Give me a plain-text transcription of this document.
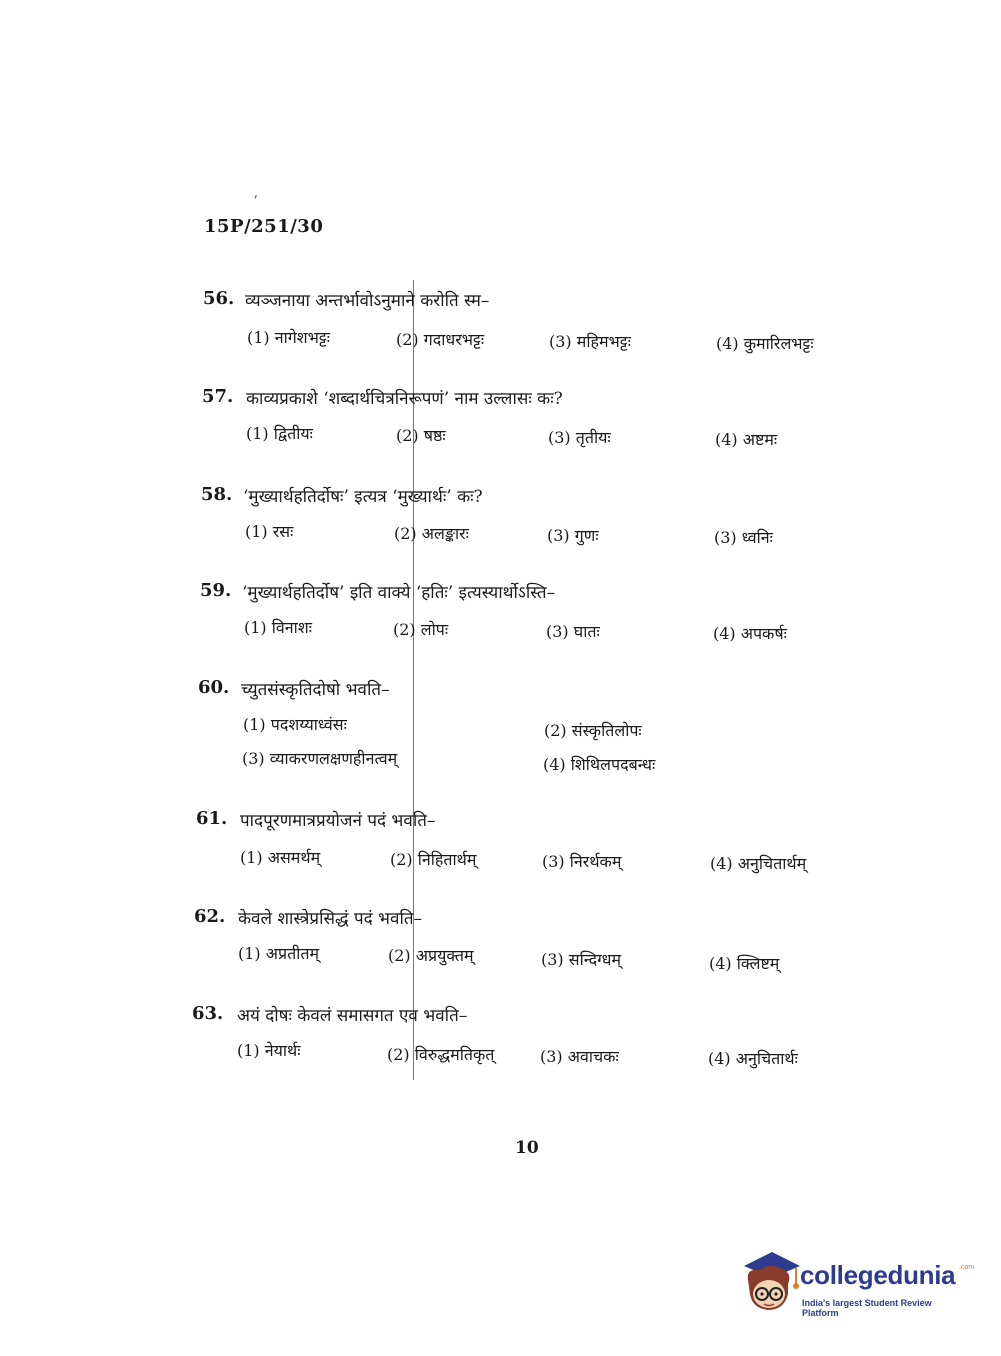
,
15P/251/30
56. व्यञ्जनाया अन्तर्भावोऽनुमाने करोति स्म–
(1) नागेशभट्टः	(2) गदाधरभट्टः	(3) महिमभट्टः	(4) कुमारिलभट्टः
57. काव्यप्रकाशे ‘शब्दार्थचित्रनिरूपणं’ नाम उल्लासः कः?
(1) द्वितीयः	(2) षष्ठः	(3) तृतीयः	(4) अष्टमः
58. ‘मुख्यार्थहतिर्दोषः’ इत्यत्र ‘मुख्यार्थः’ कः?
(1) रसः	(2) अलङ्कारः	(3) गुणः	(3) ध्वनिः
59. ‘मुख्यार्थहतिर्दोष’ इति वाक्ये ‘हतिः’ इत्यस्यार्थोऽस्ति–
(1) विनाशः	(2) लोपः	(3) घातः	(4) अपकर्षः
60. च्युतसंस्कृतिदोषो भवति–
(1) पदशय्याध्वंसः	(2) संस्कृतिलोपः
(3) व्याकरणलक्षणहीनत्वम्	(4) शिथिलपदबन्धः
61. पादपूरणमात्रप्रयोजनं पदं भवति–
(1) असमर्थम्	(2) निहितार्थम्	(3) निरर्थकम्	(4) अनुचितार्थम्
62. केवले शास्त्रेप्रसिद्धं पदं भवति–
(1) अप्रतीतम्	(2) अप्रयुक्तम्	(3) सन्दिग्धम्	(4) क्लिष्टम्
63. अयं दोषः केवलं समासगत एव भवति–
(1) नेयार्थः	(2) विरुद्धमतिकृत्	(3) अवाचकः	(4) अनुचितार्थः
10
collegedunia .com
India's largest Student Review Platform
